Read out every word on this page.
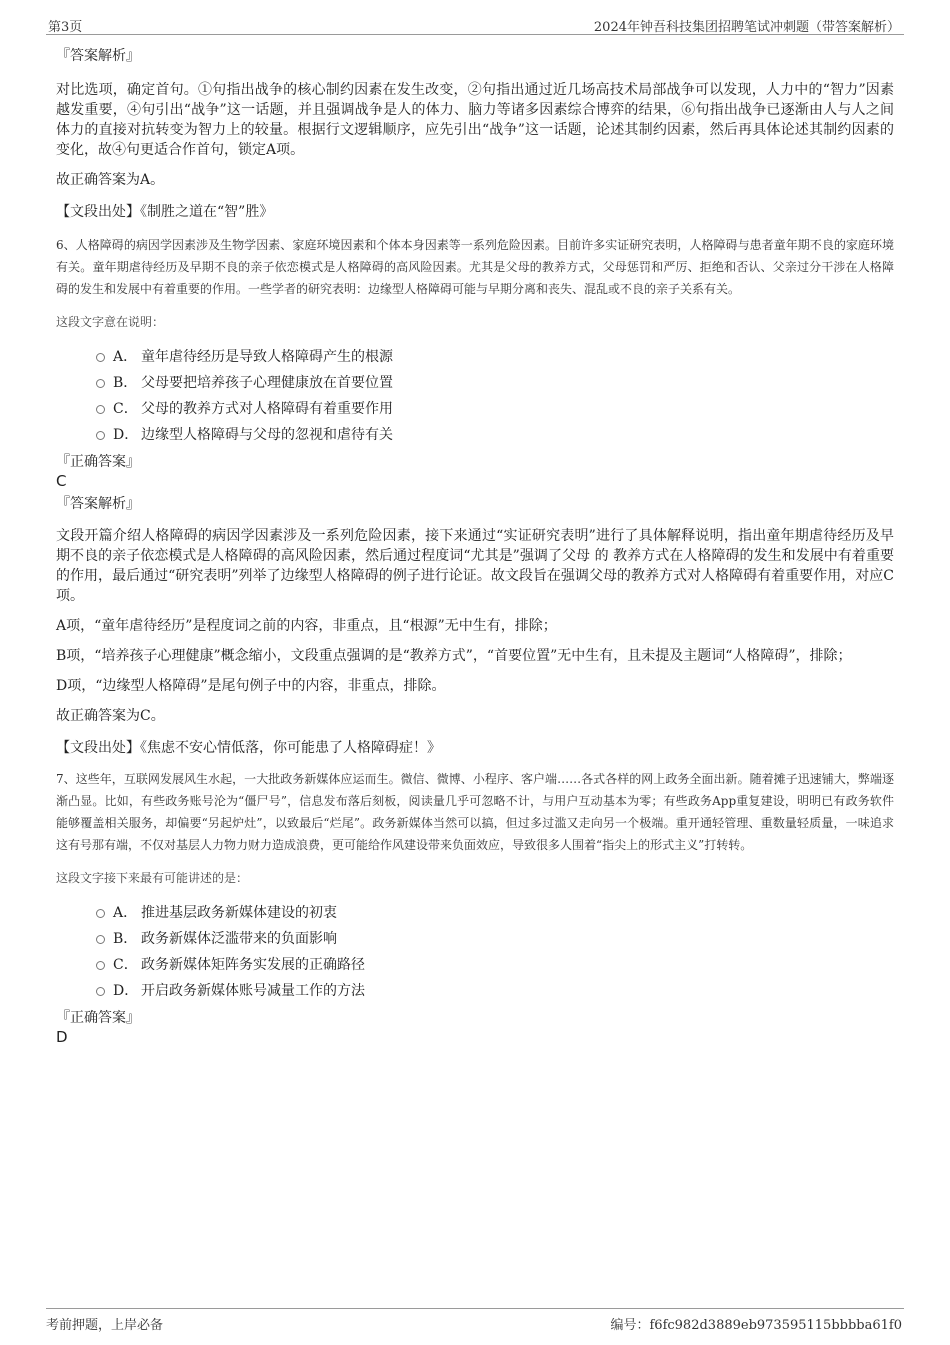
第3页	2024年钟吾科技集团招聘笔试冲刺题（带答案解析）

『答案解析』

对比选项，确定首句。①句指出战争的核心制约因素在发生改变，②句指出通过近几场高技术局部战争可以发现，人力中的“智力”因素越发重要，④句引出“战争”这一话题，并且强调战争是人的体力、脑力等诸多因素综合博弈的结果，⑥句指出战争已逐渐由人与人之间体力的直接对抗转变为智力上的较量。根据行文逻辑顺序，应先引出“战争”这一话题，论述其制约因素，然后再具体论述其制约因素的变化，故④句更适合作首句，锁定A项。

故正确答案为A。

【文段出处】《制胜之道在“智”胜》

6、人格障碍的病因学因素涉及生物学因素、家庭环境因素和个体本身因素等一系列危险因素。目前许多实证研究表明，人格障碍与患者童年期不良的家庭环境有关。童年期虐待经历及早期不良的亲子依恋模式是人格障碍的高风险因素。尤其是父母的教养方式，父母惩罚和严厉、拒绝和否认、父亲过分干涉在人格障碍的发生和发展中有着重要的作用。一些学者的研究表明：边缘型人格障碍可能与早期分离和丧失、混乱或不良的亲子关系有关。

这段文字意在说明：

A． 童年虐待经历是导致人格障碍产生的根源
B． 父母要把培养孩子心理健康放在首要位置
C． 父母的教养方式对人格障碍有着重要作用
D． 边缘型人格障碍与父母的忽视和虐待有关

『正确答案』

C

『答案解析』

文段开篇介绍人格障碍的病因学因素涉及一系列危险因素，接下来通过“实证研究表明”进行了具体解释说明，指出童年期虐待经历及早期不良的亲子依恋模式是人格障碍的高风险因素，然后通过程度词“尤其是”强调了父母 的 教养方式在人格障碍的发生和发展中有着重要的作用，最后通过“研究表明”列举了边缘型人格障碍的例子进行论证。故文段旨在强调父母的教养方式对人格障碍有着重要作用，对应C项。

A项，“童年虐待经历”是程度词之前的内容，非重点，且“根源”无中生有，排除；

B项，“培养孩子心理健康”概念缩小，文段重点强调的是“教养方式”，“首要位置”无中生有，且未提及主题词“人格障碍”，排除；

D项，“边缘型人格障碍”是尾句例子中的内容，非重点，排除。

故正确答案为C。

【文段出处】《焦虑不安心情低落，你可能患了人格障碍症！》

7、这些年，互联网发展风生水起，一大批政务新媒体应运而生。微信、微博、小程序、客户端……各式各样的网上政务全面出新。随着摊子迅速铺大，弊端逐渐凸显。比如，有些政务账号沦为“僵尸号”，信息发布落后刻板，阅读量几乎可忽略不计，与用户互动基本为零；有些政务App重复建设，明明已有政务软件能够覆盖相关服务，却偏要“另起炉灶”，以致最后“烂尾”。政务新媒体当然可以搞，但过多过滥又走向另一个极端。重开通轻管理、重数量轻质量，一味追求这有号那有端，不仅对基层人力物力财力造成浪费，更可能给作风建设带来负面效应，导致很多人围着“指尖上的形式主义”打转转。

这段文字接下来最有可能讲述的是：

A． 推进基层政务新媒体建设的初衷
B． 政务新媒体泛滥带来的负面影响
C． 政务新媒体矩阵务实发展的正确路径
D． 开启政务新媒体账号减量工作的方法

『正确答案』

D

考前押题，上岸必备	编号：f6fc982d3889eb973595115bbbba61f0
